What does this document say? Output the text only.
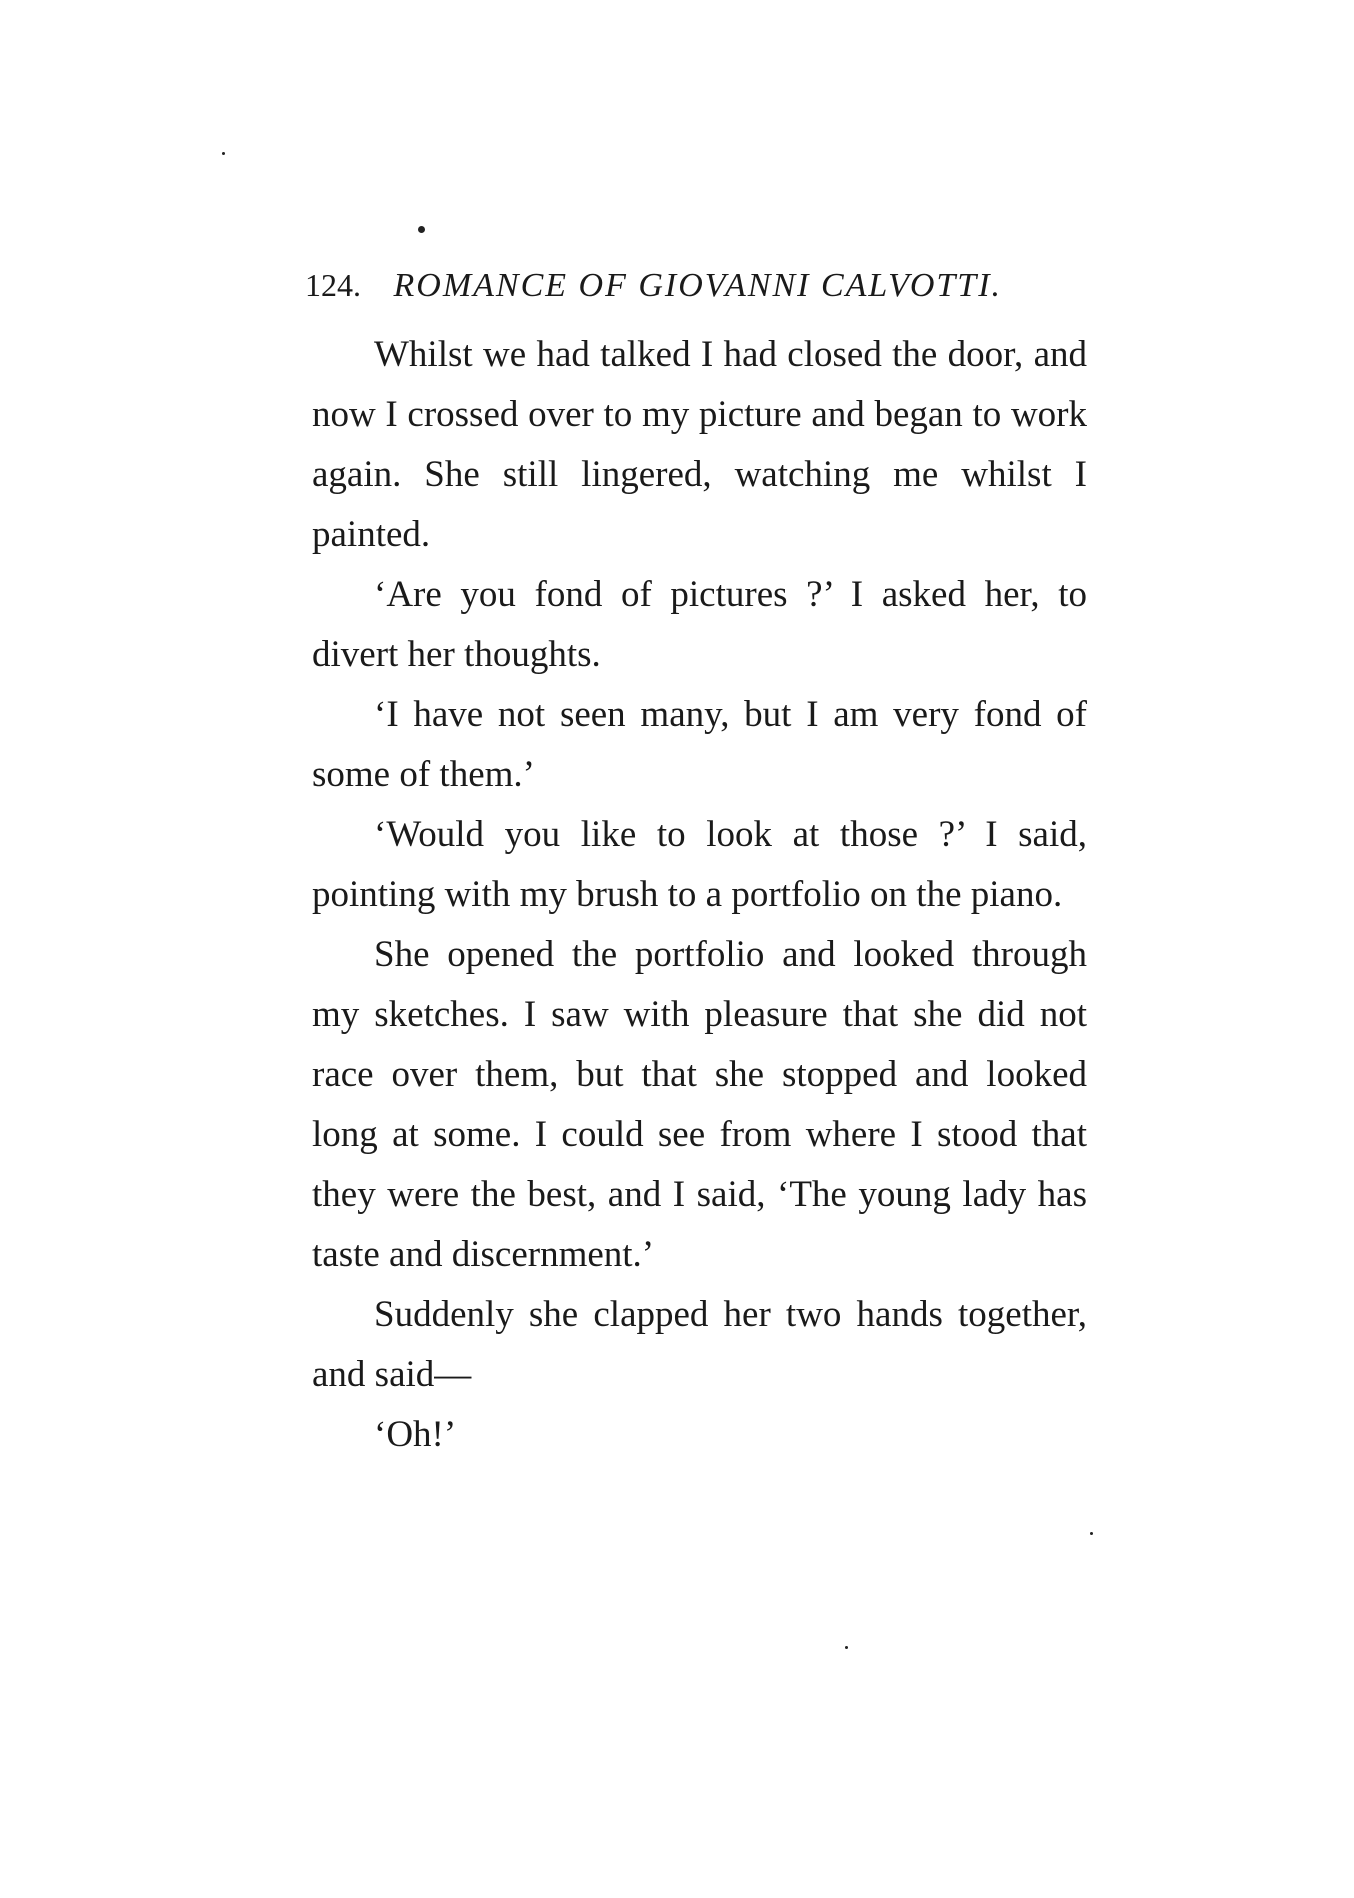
124. ROMANCE OF GIOVANNI CALVOTTI.

Whilst we had talked I had closed the door, and now I crossed over to my picture and began to work again. She still lingered, watching me whilst I painted.

‘Are you fond of pictures ?’ I asked her, to divert her thoughts.

‘I have not seen many, but I am very fond of some of them.’

‘Would you like to look at those ?’ I said, pointing with my brush to a portfolio on the piano.

She opened the portfolio and looked through my sketches. I saw with pleasure that she did not race over them, but that she stopped and looked long at some. I could see from where I stood that they were the best, and I said, ‘The young lady has taste and discernment.’

Suddenly she clapped her two hands together, and said—

‘Oh!’
